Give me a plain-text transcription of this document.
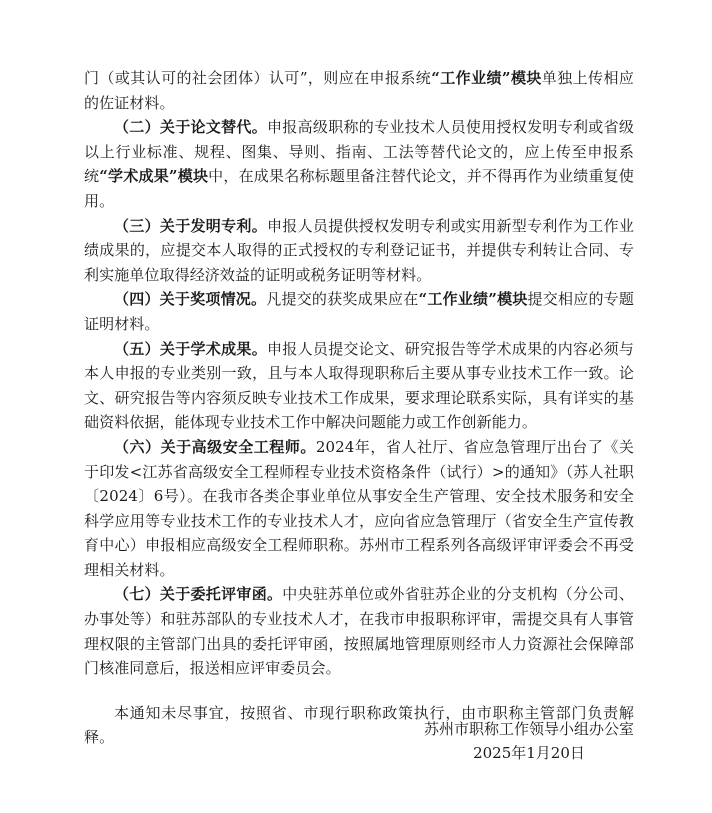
门（或其认可的社会团体）认可”，则应在申报系统“工作业绩”模块单独上传相应的佐证材料。

（二）关于论文替代。申报高级职称的专业技术人员使用授权发明专利或省级以上行业标准、规程、图集、导则、指南、工法等替代论文的，应上传至申报系统“学术成果”模块中，在成果名称标题里备注替代论文，并不得再作为业绩重复使用。

（三）关于发明专利。申报人员提供授权发明专利或实用新型专利作为工作业绩成果的，应提交本人取得的正式授权的专利登记证书，并提供专利转让合同、专利实施单位取得经济效益的证明或税务证明等材料。

（四）关于奖项情况。凡提交的获奖成果应在“工作业绩”模块提交相应的专题证明材料。

（五）关于学术成果。申报人员提交论文、研究报告等学术成果的内容必须与本人申报的专业类别一致，且与本人取得现职称后主要从事专业技术工作一致。论文、研究报告等内容须反映专业技术工作成果，要求理论联系实际，具有详实的基础资料依据，能体现专业技术工作中解决问题能力或工作创新能力。

（六）关于高级安全工程师。2024年，省人社厅、省应急管理厅出台了《关于印发<江苏省高级安全工程师程专业技术资格条件（试行）>的通知》（苏人社职〔2024〕6号）。在我市各类企事业单位从事安全生产管理、安全技术服务和安全科学应用等专业技术工作的专业技术人才，应向省应急管理厅（省安全生产宣传教育中心）申报相应高级安全工程师职称。苏州市工程系列各高级评审评委会不再受理相关材料。

（七）关于委托评审函。中央驻苏单位或外省驻苏企业的分支机构（分公司、办事处等）和驻苏部队的专业技术人才，在我市申报职称评审，需提交具有人事管理权限的主管部门出具的委托评审函，按照属地管理原则经市人力资源社会保障部门核准同意后，报送相应评审委员会。

本通知未尽事宜，按照省、市现行职称政策执行，由市职称主管部门负责解释。	苏州市职称工作领导小组办公室
2025年1月20日
